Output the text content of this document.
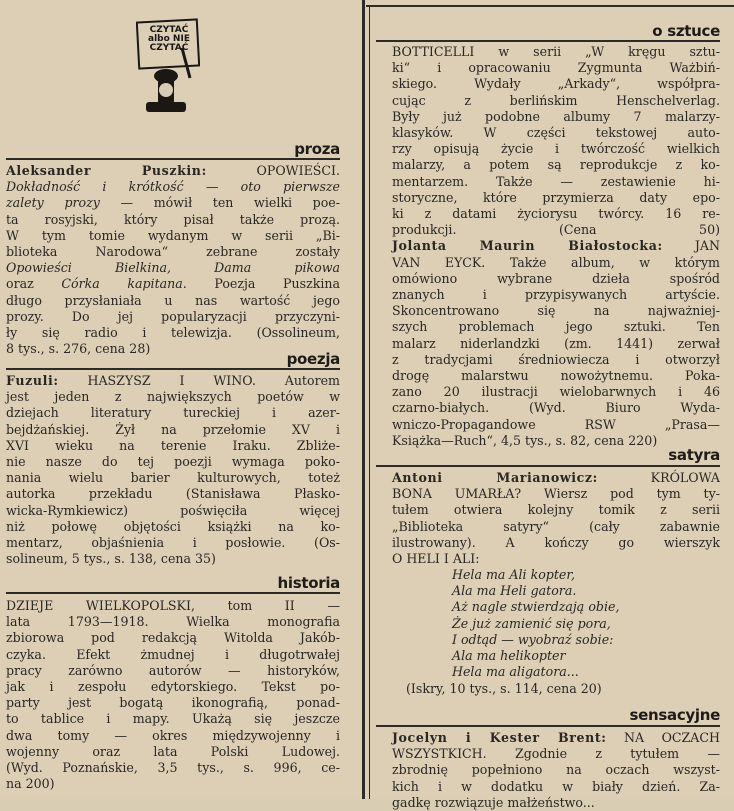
CZYTAĆ albo NIE CZYTAĆ
proza
Aleksander Puszkin: OPOWIEŚCI.
Dokładność i krótkość — oto pierwsze
zalety prozy — mówił ten wielki poe-
ta rosyjski, który pisał także prozą.
W tym tomie wydanym w serii „Bi-
blioteka Narodowa“ zebrane zostały
Opowieści Bielkina, Dama pikowa
oraz Córka kapitana. Poezja Puszkina
długo przysłaniała u nas wartość jego
prozy. Do jej popularyzacji przyczyni-
ły się radio i telewizja. (Ossolineum,
8 tys., s. 276, cena 28)
poezja
Fuzuli: HASZYSZ I WINO. Autorem
jest jeden z największych poetów w
dziejach literatury tureckiej i azer-
bejdżańskiej. Żył na przełomie XV i
XVI wieku na terenie Iraku. Zbliże-
nie nasze do tej poezji wymaga poko-
nania wielu barier kulturowych, toteż
autorka przekładu (Stanisława Płasko-
wicka-Rymkiewicz) poświęciła więcej
niż połowę objętości książki na ko-
mentarz, objaśnienia i posłowie. (Os-
solineum, 5 tys., s. 138, cena 35)
historia
DZIEJE WIELKOPOLSKI, tom II —
lata 1793—1918. Wielka monografia
zbiorowa pod redakcją Witolda Jakób-
czyka. Efekt żmudnej i długotrwałej
pracy zarówno autorów — historyków,
jak i zespołu edytorskiego. Tekst po-
party jest bogatą ikonografią, ponad-
to tablice i mapy. Ukażą się jeszcze
dwa tomy — okres międzywojenny i
wojenny oraz lata Polski Ludowej.
(Wyd. Poznańskie, 3,5 tys., s. 996, ce-
na 200)
o sztuce
BOTTICELLI w serii „W kręgu sztu-
ki“ i opracowaniu Zygmunta Ważbiń-
skiego. Wydały „Arkady“, współpra-
cując z berlińskim Henschelverlag.
Były już podobne albumy 7 malarzy-
klasyków. W części tekstowej auto-
rzy opisują życie i twórczość wielkich
malarzy, a potem są reprodukcje z ko-
mentarzem. Także — zestawienie hi-
storyczne, które przymierza daty epo-
ki z datami życiorysu twórcy. 16 re-
produkcji. (Cena 50)
Jolanta Maurin Białostocka: JAN
VAN EYCK. Także album, w którym
omówiono wybrane dzieła spośród
znanych i przypisywanych artyście.
Skoncentrowano się na najważniej-
szych problemach jego sztuki. Ten
malarz niderlandzki (zm. 1441) zerwał
z tradycjami średniowiecza i otworzył
drogę malarstwu nowożytnemu. Poka-
zano 20 ilustracji wielobarwnych i 46
czarno-białych. (Wyd. Biuro Wyda-
wniczo-Propagandowe RSW „Prasa—
Książka—Ruch“, 4,5 tys., s. 82, cena 220)
satyra
Antoni Marianowicz: KRÓLOWA
BONA UMARŁA? Wiersz pod tym ty-
tułem otwiera kolejny tomik z serii
„Biblioteka satyry“ (cały zabawnie
ilustrowany). A kończy go wierszyk
O HELI I ALI:
Hela ma Ali kopter,
Ala ma Heli gatora.
Aż nagle stwierdzają obie,
Że już zamienić się pora,
I odtąd — wyobraź sobie:
Ala ma helikopter
Hela ma aligatora...
(Iskry, 10 tys., s. 114, cena 20)
sensacyjne
Jocelyn i Kester Brent: NA OCZACH
WSZYSTKICH. Zgodnie z tytułem —
zbrodnię popełniono na oczach wszyst-
kich i w dodatku w biały dzień. Za-
gadkę rozwiązuje małżeństwo...
